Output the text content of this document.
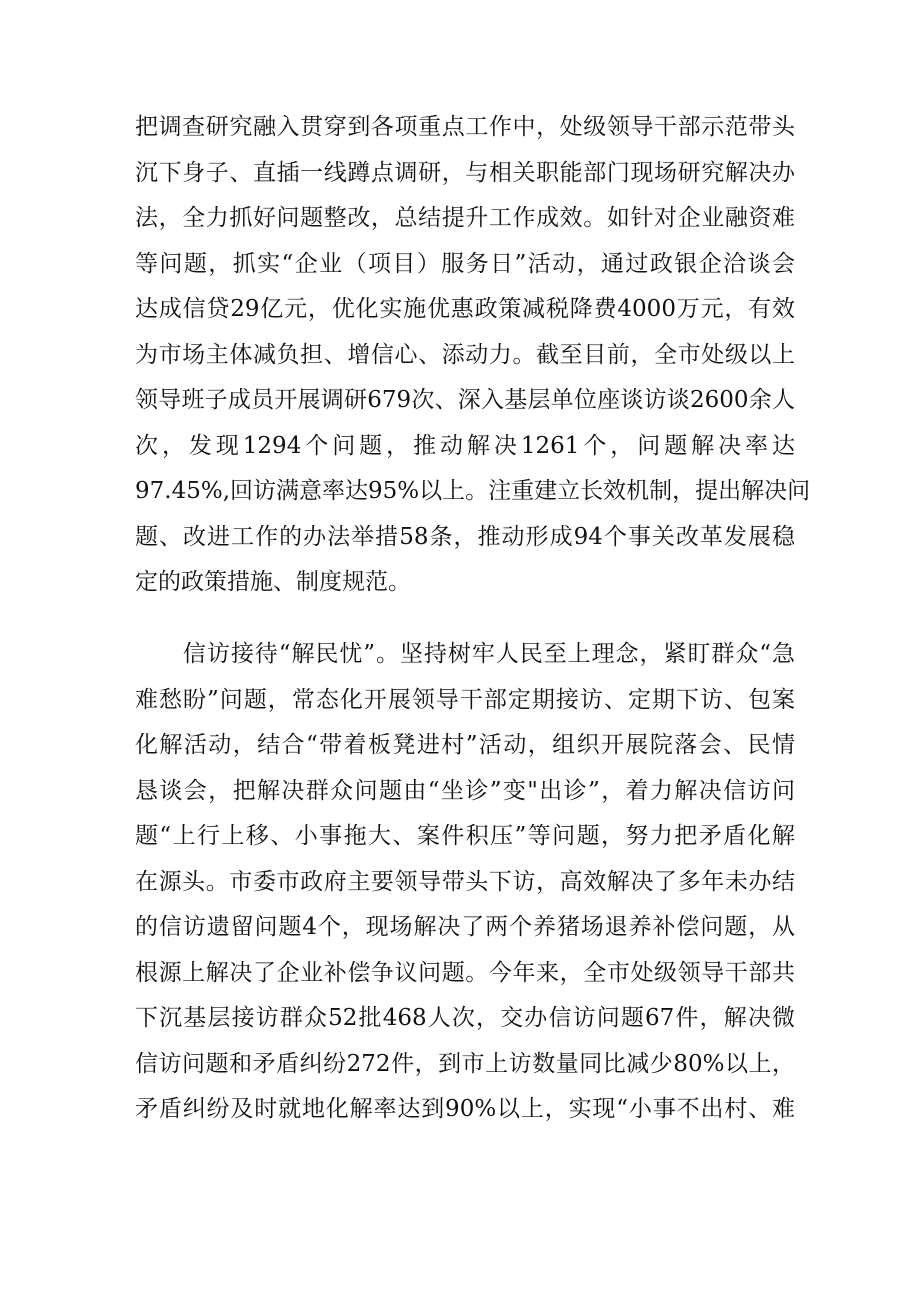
把调查研究融入贯穿到各项重点工作中，处级领导干部示范带头
沉下身子、直插一线蹲点调研，与相关职能部门现场研究解决办
法，全力抓好问题整改，总结提升工作成效。如针对企业融资难
等问题，抓实“企业（项目）服务日”活动，通过政银企洽谈会
达成信贷29亿元，优化实施优惠政策减税降费4000万元，有效
为市场主体减负担、增信心、添动力。截至目前，全市处级以上
领导班子成员开展调研679次、深入基层单位座谈访谈2600余人
次，发现1294个问题，推动解决1261个，问题解决率达
97.45%,回访满意率达95%以上。注重建立长效机制，提出解决问
题、改进工作的办法举措58条，推动形成94个事关改革发展稳
定的政策措施、制度规范。
　　信访接待“解民忧”。坚持树牢人民至上理念，紧盯群众“急
难愁盼”问题，常态化开展领导干部定期接访、定期下访、包案
化解活动，结合“带着板凳进村”活动，组织开展院落会、民情
恳谈会，把解决群众问题由“坐诊”变"出诊”，着力解决信访问
题“上行上移、小事拖大、案件积压”等问题，努力把矛盾化解
在源头。市委市政府主要领导带头下访，高效解决了多年未办结
的信访遗留问题4个，现场解决了两个养猪场退养补偿问题，从
根源上解决了企业补偿争议问题。今年来，全市处级领导干部共
下沉基层接访群众52批468人次，交办信访问题67件，解决微
信访问题和矛盾纠纷272件，到市上访数量同比减少80%以上，
矛盾纠纷及时就地化解率达到90%以上，实现“小事不出村、难
